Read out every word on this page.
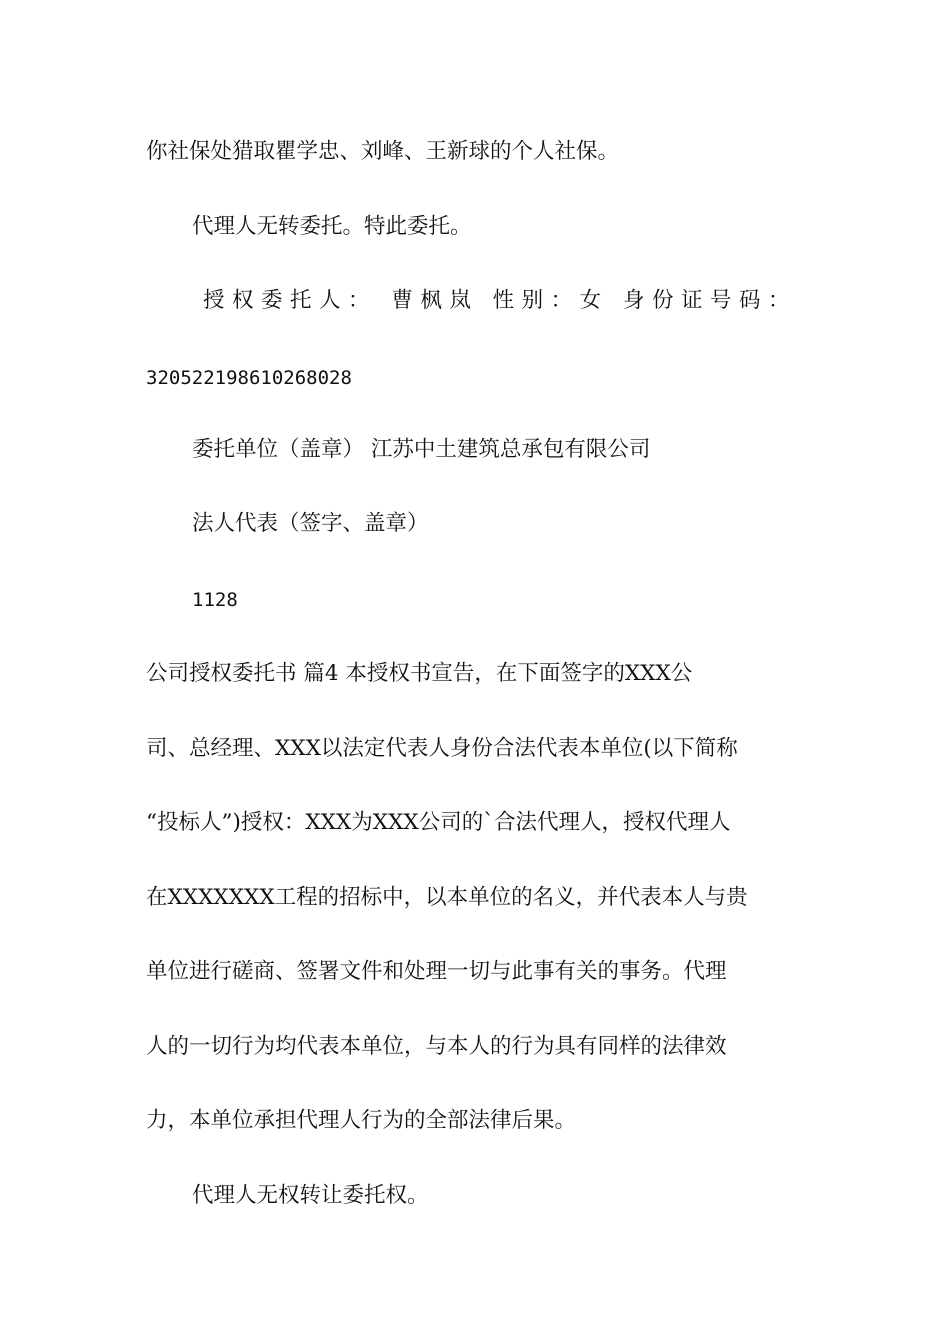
你社保处猎取瞿学忠、刘峰、王新球的个人社保。
代理人无转委托。特此委托。
授权委托人： 曹枫岚 性别：女 身份证号码：
320522198610268028
委托单位（盖章） 江苏中土建筑总承包有限公司
法人代表（签字、盖章）
1128
公司授权委托书 篇4 本授权书宣告，在下面签字的XXX公
司、总经理、XXX以法定代表人身份合法代表本单位(以下简称
“投标人”)授权：XXX为XXX公司的`合法代理人，授权代理人
在XXXXXXX工程的招标中，以本单位的名义，并代表本人与贵
单位进行磋商、签署文件和处理一切与此事有关的事务。代理
人的一切行为均代表本单位，与本人的行为具有同样的法律效
力，本单位承担代理人行为的全部法律后果。
代理人无权转让委托权。
